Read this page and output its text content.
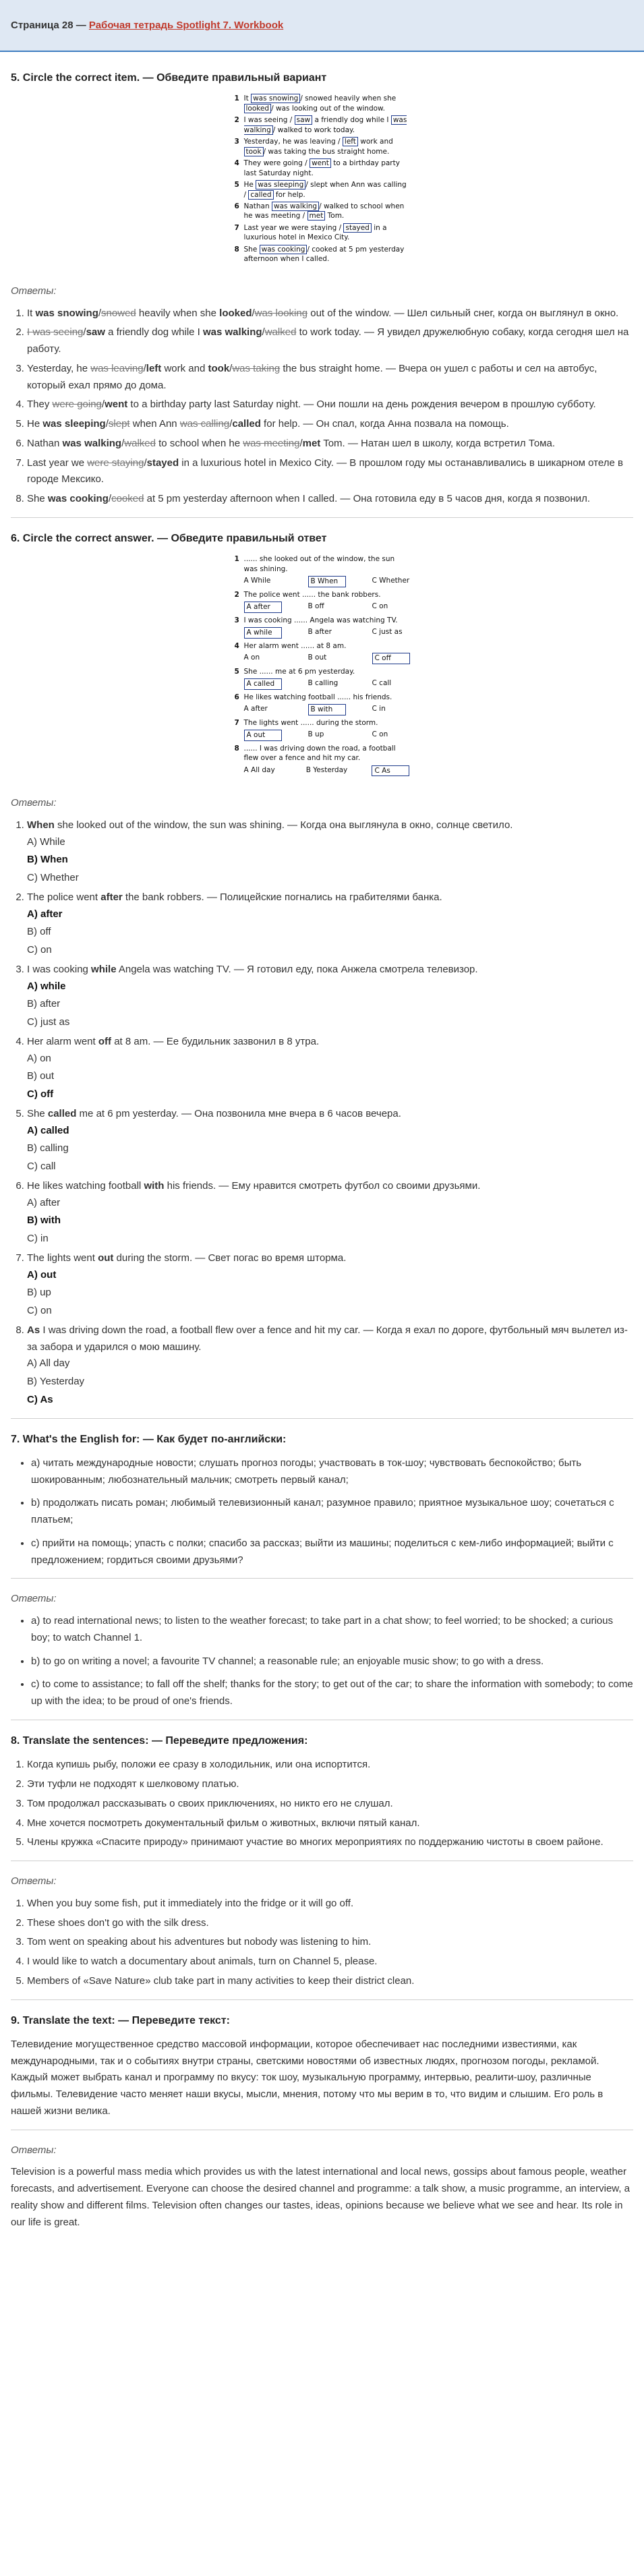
Страница 28 — Рабочая тетрадь Spotlight 7. Workbook
5. Circle the correct item. — Обведите правильный вариант
1 It was snowing / snowed heavily when she looked / was looking out of the window.
2 I was seeing / saw a friendly dog while I was walking / walked to work today.
3 Yesterday, he was leaving / left work and took / was taking the bus straight home.
4 They were going / went to a birthday party last Saturday night.
5 He was sleeping / slept when Ann was calling / called for help.
6 Nathan was walking / walked to school when he was meeting / met Tom.
7 Last year we were staying / stayed in a luxurious hotel in Mexico City.
8 She was cooking / cooked at 5 pm yesterday afternoon when I called.
Ответы:
1. It was snowing/snowed heavily when she looked/was looking out of the window. — Шел сильный снег, когда он выглянул в окно.
2. I was seeing/saw a friendly dog while I was walking/walked to work today. — Я увидел дружелюбную собаку, когда сегодня шел на работу.
3. Yesterday, he was leaving/left work and took/was taking the bus straight home. — Вчера он ушел с работы и сел на автобус, который ехал прямо до дома.
4. They were going/went to a birthday party last Saturday night. — Они пошли на день рождения вечером в прошлую субботу.
5. He was sleeping/slept when Ann was calling/called for help. — Он спал, когда Анна позвала на помощь.
6. Nathan was walking/walked to school when he was meeting/met Tom. — Натан шел в школу, когда встретил Тома.
7. Last year we were staying/stayed in a luxurious hotel in Mexico City. — В прошлом году мы останавливались в шикарном отеле в городе Мексико.
8. She was cooking/cooked at 5 pm yesterday afternoon when I called. — Она готовила еду в 5 часов дня, когда я позвонил.
6. Circle the correct answer. — Обведите правильный ответ
1 ...... she looked out of the window, the sun was shining.
A While	B When	C Whether
2 The police went ...... the bank robbers.
A after	B off	C on
3 I was cooking ...... Angela was watching TV.
A while	B after	C just as
4 Her alarm went ...... at 8 am.
A on	B out	C off
5 She ...... me at 6 pm yesterday.
A called	B calling	C call
6 He likes watching football ...... his friends.
A after	B with	C in
7 The lights went ...... during the storm.
A out	B up	C on
8 ...... I was driving down the road, a football flew over a fence and hit my car.
A All day	B Yesterday	C As
Ответы:
1. When she looked out of the window, the sun was shining. — Когда она выглянула в окно, солнце светило.
A) While
B) When
C) Whether
2. The police went after the bank robbers. — Полицейские погнались на грабителями банка.
A) after
B) off
C) on
3. I was cooking while Angela was watching TV. — Я готовил еду, пока Анжела смотрела телевизор.
A) while
B) after
C) just as
4. Her alarm went off at 8 am. — Ее будильник зазвонил в 8 утра.
A) on
B) out
C) off
5. She called me at 6 pm yesterday. — Она позвонила мне вчера в 6 часов вечера.
A) called
B) calling
C) call
6. He likes watching football with his friends. — Ему нравится смотреть футбол со своими друзьями.
A) after
B) with
C) in
7. The lights went out during the storm. — Свет погас во время шторма.
A) out
B) up
C) on
8. As I was driving down the road, a football flew over a fence and hit my car. — Когда я ехал по дороге, футбольный мяч вылетел из-за забора и ударился о мою машину.
A) All day
B) Yesterday
C) As
7. What's the English for: — Как будет по-английски:
• a) читать международные новости; слушать прогноз погоды; участвовать в ток-шоу; чувствовать беспокойство; быть шокированным; любознательный мальчик; смотреть первый канал;
• b) продолжать писать роман; любимый телевизионный канал; разумное правило; приятное музыкальное шоу; сочетаться с платьем;
• c) прийти на помощь; упасть с полки; спасибо за рассказ; выйти из машины; поделиться с кем-либо информацией; выйти с предложением; гордиться своими друзьями?
Ответы:
• a) to read international news; to listen to the weather forecast; to take part in a chat show; to feel worried; to be shocked; a curious boy; to watch Channel 1.
• b) to go on writing a novel; a favourite TV channel; a reasonable rule; an enjoyable music show; to go with a dress.
• c) to come to assistance; to fall off the shelf; thanks for the story; to get out of the car; to share the information with somebody; to come up with the idea; to be proud of one's friends.
8. Translate the sentences: — Переведите предложения:
1. Когда купишь рыбу, положи ее сразу в холодильник, или она испортится.
2. Эти туфли не подходят к шелковому платью.
3. Том продолжал рассказывать о своих приключениях, но никто его не слушал.
4. Мне хочется посмотреть документальный фильм о животных, включи пятый канал.
5. Члены кружка «Спасите природу» принимают участие во многих мероприятиях по поддержанию чистоты в своем районе.
Ответы:
1. When you buy some fish, put it immediately into the fridge or it will go off.
2. These shoes don't go with the silk dress.
3. Tom went on speaking about his adventures but nobody was listening to him.
4. I would like to watch a documentary about animals, turn on Channel 5, please.
5. Members of «Save Nature» club take part in many activities to keep their district clean.
9. Translate the text: — Переведите текст:

Телевидение могущественное средство массовой информации, которое обеспечивает нас последними известиями, как международными, так и о событиях внутри страны, светскими новостями об известных людях, прогнозом погоды, рекламой. Каждый может выбрать канал и программу по вкусу: ток шоу, музыкальную программу, интервью, реалити-шоу, различные фильмы. Телевидение часто меняет наши вкусы, мысли, мнения, потому что мы верим в то, что видим и слышим. Его роль в нашей жизни велика.

Ответы:

Television is a powerful mass media which provides us with the latest international and local news, gossips about famous people, weather forecasts, and advertisement. Everyone can choose the desired channel and programme: a talk show, a music programme, an interview, a reality show and different films. Television often changes our tastes, ideas, opinions because we believe what we see and hear. Its role in our life is great.
